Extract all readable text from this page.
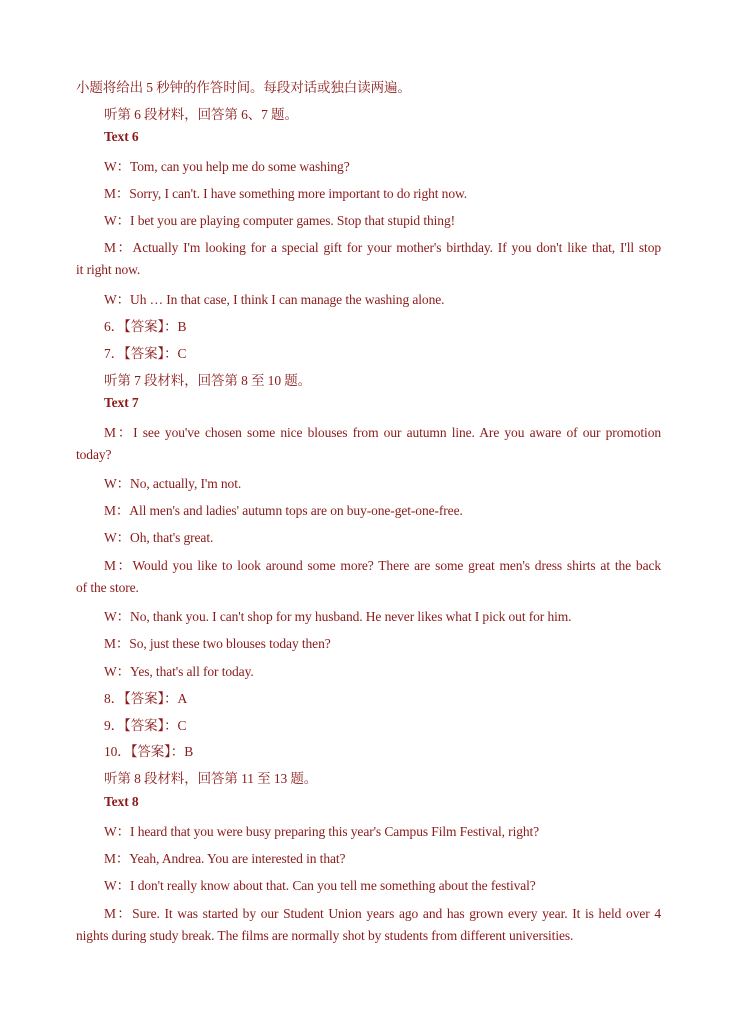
小题将给出 5 秒钟的作答时间。每段对话或独白读两遍。
听第 6 段材料，回答第 6、7 题。
Text 6
W：Tom, can you help me do some washing?
M：Sorry, I can't. I have something more important to do right now.
W：I bet you are playing computer games. Stop that stupid thing!
M：Actually I'm looking for a special gift for your mother's birthday. If you don't like that, I'll stop
it right now.
W：Uh … In that case, I think I can manage the washing alone.
6．【答案】：B
7．【答案】：C
听第 7 段材料，回答第 8 至 10 题。
Text 7
M：I see you've chosen some nice blouses from our autumn line. Are you aware of our promotion
today?
W：No, actually, I'm not.
M：All men's and ladies' autumn tops are on buy-one-get-one-free.
W：Oh, that's great.
M：Would you like to look around some more? There are some great men's dress shirts at the back
of the store.
W：No, thank you. I can't shop for my husband. He never likes what I pick out for him.
M：So, just these two blouses today then?
W：Yes, that's all for today.
8．【答案】：A
9．【答案】：C
10．【答案】：B
听第 8 段材料，回答第 11 至 13 题。
Text 8
W：I heard that you were busy preparing this year's Campus Film Festival, right?
M：Yeah, Andrea. You are interested in that?
W：I don't really know about that. Can you tell me something about the festival?
M：Sure. It was started by our Student Union years ago and has grown every year. It is held over 4
nights during study break. The films are normally shot by students from different universities.
